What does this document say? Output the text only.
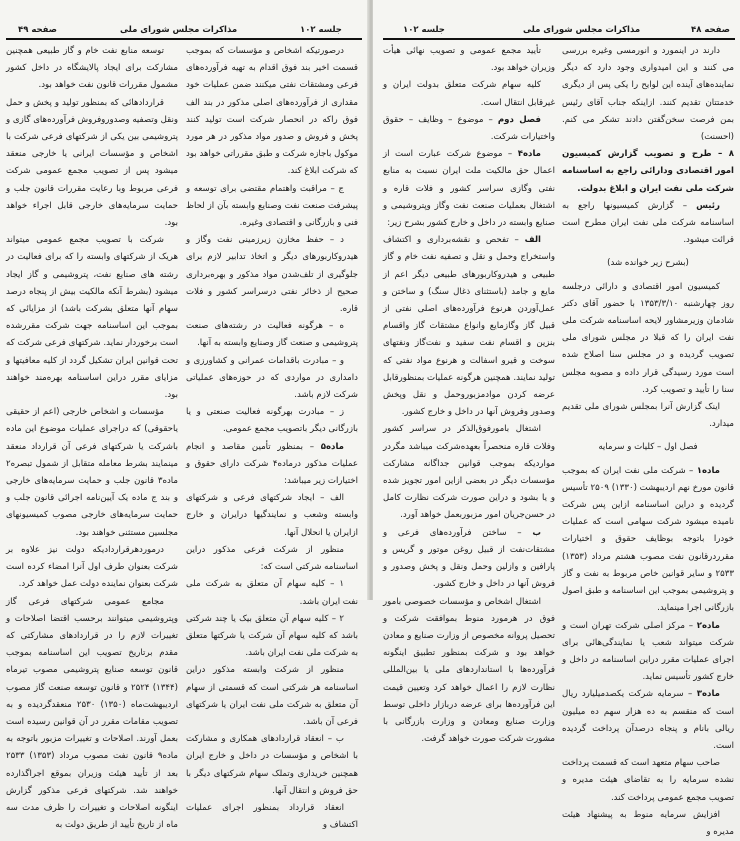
صفحه ۴۹	مذاکرات مجلس شورای ملی	جلسه ۱۰۲

درصورتیکه اشخاص و مؤسسات که بموجب قسمت اخیر بند فوق اقدام به تهیه فرآورده‌های فرعی ومشتقات نفتی میکنند ضمن عملیات خود مقداری از فرآورده‌های اصلی مذکور در بند الف فوق راکه در انحصار شرکت است تولید کنند پخش و فروش و صدور مواد مذکور در هر مورد موکول باجازه شرکت و طبق مقرراتی خواهد بود که شرکت ابلاغ کند.

ج – مراقبت واهتمام مقتضی برای توسعه و پیشرفت صنعت نفت وصنایع وابسته بآن از لحاظ فنی و بازرگانی و اقتصادی وغیره.

د – حفظ مخازن زیرزمینی نفت وگاز و هیدروکاربورهای دیگر و اتخاذ تدابیر لازم برای جلوگیری از تلف‌شدن مواد مذکور و بهره‌برداری صحیح از ذخائر نفتی درسراسر کشور و فلات قاره.

ه – هرگونه فعالیت در رشته‌های صنعت پتروشیمی و صنعت گاز وصنایع وابسته به آنها.

و – مبادرت باقدامات عمرانی و کشاورزی و دامداری در مواردی که در حوزه‌های عملیاتی شرکت لازم باشد.

ز – مبادرت بهرگونه فعالیت صنعتی و یا بازرگانی دیگر باتصویب مجمع عمومی.

ماده۵ – بمنظور تأمین مقاصد و انجام عملیات مذکور درماده۴ شرکت دارای حقوق و اختیارات زیر میباشد:

الف – ایجاد شرکتهای فرعی و شرکتهای وابسته وشعب و نمایندگیها درایران و خارج ازایران یا انحلال آنها.

منظور از شرکت فرعی مذکور دراین اساسنامه شرکتی است که:

۱ – کلیه سهام آن متعلق به شرکت ملی نفت ایران باشد.

۲ – کلیه سهام آن متعلق بیک یا چند شرکتی باشد که کلیه سهام آن شرکت یا شرکتها متعلق به شرکت ملی نفت ایران باشد.

منظور از شرکت وابسته مذکور دراین اساسنامه هر شرکتی است که قسمتی از سهام آن متعلق به شرکت ملی نفت ایران یا شرکتهای فرعی آن باشد.

ب – انعقاد قراردادهای همکاری و مشارکت با اشخاص و مؤسسات در داخل و خارج ایران همچنین خریداری وتملک سهام شرکتهای دیگر با حق فروش و انتقال آنها.

انعقاد قرارداد بمنظور اجرای عملیات اکتشاف و

توسعه منابع نفت خام و گاز طبیعی همچنین مشارکت برای ایجاد پالایشگاه در داخل کشور مشمول مقررات قانون نفت خواهد بود.

قراردادهائی که بمنظور تولید و پخش و حمل ونقل وتصفیه وصدوروفروش فرآورده‌های گازی و پتروشیمی بین یکی از شرکتهای فرعی شرکت با اشخاص و مؤسسات ایرانی یا خارجی منعقد میشود پس از تصویب مجمع عمومی شرکت فرعی مربوط وبا رعایت مقررات قانون جلب و حمایت سرمایه‌های خارجی قابل اجراء خواهد بود.

شرکت با تصویب مجمع عمومی میتواند هریک از شرکتهای وابسته را که برای فعالیت در رشته های صنایع نفت، پتروشیمی و گاز ایجاد میشود (بشرط آنکه مالکیت بیش از پنجاه درصد سهام آنها متعلق بشرکت باشد) از مزایائی که بموجب این اساسنامه جهت شرکت مقررشده است برخوردار نماید. شرکتهای فرعی شرکت که تحت قوانین ایران تشکیل گردد از کلیه معافیتها و مزایای مقرر دراین اساسنامه بهره‌مند خواهند بود.

مؤسسات و اشخاص خارجی (اعم از حقیقی یاحقوقی) که دراجرای عملیات موضوع این ماده باشرکت یا شرکتهای فرعی آن قرارداد منعقد مینمایند بشرط معامله متقابل از شمول تبصره۲ ماده۳ قانون جلب و حمایت سرمایه‌های خارجی و بند ج ماده یک آیین‌نامه اجرائی قانون جلب و حمایت سرمایه‌های خارجی مصوب کمیسیونهای مجلسین مستثنی خواهند بود.

درموردهرقراردادیکه دولت نیز علاوه بر شرکت بعنوان طرف اول آنرا امضاء کرده است شرکت بعنوان نماینده دولت عمل خواهد کرد.

مجامع عمومی شرکتهای فرعی گاز وپتروشیمی میتوانند برحسب اقتضا اصلاحات و تغییرات لازم را در قراردادهای مشارکتی که مقدم برتاریخ تصویب این اساسنامه بموجب قانون توسعه صنایع پتروشیمی مصوب تیرماه (۱۳۴۴) ۲۵۲۴ و قانون توسعه صنعت گاز مصوب اردیبهشت‌ماه (۱۳۵۰) ۲۵۳۰ منعقدگردیده و به تصویب مقامات مقرر در آن قوانین رسیده است بعمل آورند. اصلاحات و تغییرات مزبور باتوجه به ماده۹ قانون نفت مصوب مرداد (۱۳۵۳) ۲۵۳۳ بعد از تأیید هیئت وزیران بموقع اجراگذارده خواهند شد. شرکتهای فرعی مذکور گزارش اینگونه اصلاحات و تغییرات را ظرف مدت سه ماه از تاریخ تأیید از طریق دولت به

جلسه ۱۰۲	مذاکرات مجلس شورای ملی	صفحه ۴۸

دارند در اینمورد و انورمسی وغیره بررسی می کنند و این امیدواری وجود دارد که دیگر نماینده‌های آینده این لوایح را یکی پس از دیگری خدمتتان تقدیم کنند. ازاینکه جناب آقای رئیس بمن فرصت سخن‌گفتن دادند تشکر می کنم. (احسنت)

۸ – طرح و تصویب گزارش کمیسیون امور اقتصادی ودارائی راجع به اساسنامه شرکت ملی نفت ایران و ابلاغ بدولت.

رئیس – گزارش کمیسیونها راجع به اساسنامه شرکت ملی نفت ایران مطرح است قرائت میشود.

(بشرح زیر خوانده شد)

کمیسیون امور اقتصادی و دارائی درجلسه روز چهارشنبه ۱۳۵۳/۳/۱۰ با حضور آقای دکتر شادمان وزیرمشاور لایحه اساسنامه شرکت ملی نفت ایران را که قبلا در مجلس شورای ملی تصویب گردیده و در مجلس سنا اصلاح شده است مورد رسیدگی قرار داده و مصوبه مجلس سنا را تأیید و تصویب کرد.

اینک گزارش آنرا بمجلس شورای ملی تقدیم میدارد.

فصل اول – کلیات و سرمایه

ماده۱ – شرکت ملی نفت ایران که بموجب قانون مورخ نهم اردیبهشت (۱۳۳۰) ۲۵۰۹ تأسیس گردیده و دراین اساسنامه ازاین پس شرکت نامیده میشود شرکت سهامی است که عملیات خودرا باتوجه بوظایف حقوق و اختیارات مقرردرقانون نفت مصوب هشتم مرداد (۱۳۵۳) ۲۵۳۳ و سایر قوانین خاص مربوط به نفت و گاز و پتروشیمی بموجب این اساسنامه و طبق اصول بازرگانی اجرا مینماید.

ماده۲ – مرکز اصلی شرکت تهران است و شرکت میتواند شعب یا نمایندگی‌هائی برای اجرای عملیات مقرر دراین اساسنامه در داخل و خارج کشور تأسیس نماید.

ماده۳ – سرمایه شرکت یکصدمیلیارد ریال است که منقسم به ده هزار سهم ده میلیون ریالی بانام و پنجاه درصدآن پرداخت گردیده است.

صاحب سهام متعهد است که قسمت پرداخت نشده سرمایه را به تقاضای هیئت مدیره و تصویب مجمع عمومی پرداخت کند.

افزایش سرمایه منوط به پیشنهاد هیئت مدیره و

تأیید مجمع عمومی و تصویب نهائی هیأت وزیران خواهد بود.

کلیه سهام شرکت متعلق بدولت ایران و غیرقابل انتقال است.

فصل دوم – موضوع – وظایف – حقوق واختیارات شرکت.

ماده۴ – موضوع شرکت عبارت است از اعمال حق مالکیت ملت ایران نسبت به منابع نفتی وگازی سراسر کشور و فلات قاره و اشتغال بعملیات صنعت نفت وگاز وپتروشیمی و صنایع وابسته در داخل و خارج کشور بشرح زیر:

الف – تفحص و نقشه‌برداری و اکتشاف واستخراج وحمل و نقل و تصفیه نفت خام و گاز طبیعی و هیدروکاربورهای طبیعی دیگر اعم از مایع و جامد (باستثنای ذغال سنگ) و ساختن و عمل‌آوردن هرنوع فرآورده‌های اصلی نفتی از قبیل گاز وگازمایع وانواع مشتقات گاز واقسام بنزین و اقسام نفت سفید و نفت‌گاز ونفتهای سوخت و قیرو اسفالت و هرنوع مواد نفتی که تولید نمایند. همچنین هرگونه عملیات بمنظورقابل عرضه کردن موادمزبوروحمل و نقل وپخش وصدور وفروش آنها در داخل و خارج کشور.

اشتغال بامورفوق‌الذکر در سراسر کشور وفلات قاره منحصراً بعهده‌شرکت میباشد مگردر مواردیکه بموجب قوانین جداگانه مشارکت مؤسسات دیگر در بعضی ازاین امور تجویز شده و یا بشود و دراین صورت شرکت نظارت کامل در حسن‌جریان امور مزبوربعمل خواهد آورد.

ب – ساختن فرآورده‌های فرعی و مشتقات‌نفت از قبیل روغن موتور و گریس و پارافین و وازلین وحمل ونقل و پخش وصدور و فروش آنها در داخل و خارج کشور.

اشتغال اشخاص و مؤسسات خصوصی بامور فوق در هرمورد منوط بموافقت شرکت و تحصیل پروانه مخصوص از وزارت صنایع و معادن خواهد بود و شرکت بمنظور تطبیق اینگونه فرآورده‌ها با استانداردهای ملی یا بین‌المللی نظارت لازم را اعمال خواهد کرد وتعیین قیمت این فرآورده‌ها برای عرضه دربازار داخلی توسط وزارت صنایع ومعادن و وزارت بازرگانی با مشورت شرکت صورت خواهد گرفت.
